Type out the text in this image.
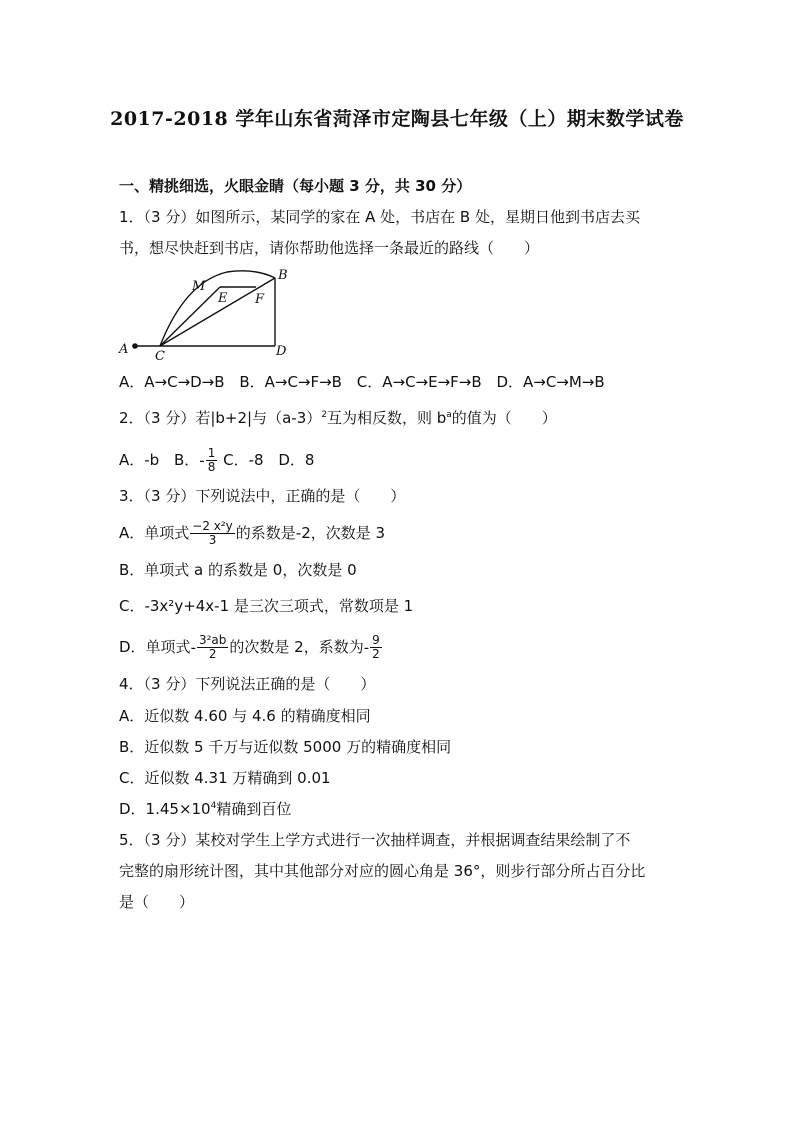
2017-2018 学年山东省菏泽市定陶县七年级（上）期末数学试卷
一、精挑细选，火眼金睛（每小题 3 分，共 30 分）
1．（3 分）如图所示，某同学的家在 A 处，书店在 B 处，星期日他到书店去买
书，想尽快赶到书店，请你帮助他选择一条最近的路线（　　）
A C	D
B
M
E F
A．A→C→D→B B．A→C→F→B C．A→C→E→F→B D．A→C→M→B
2．（3 分）若|b+2|与$(a-3)^2$互为相反数，则 $b^a$的值为（　　）
A．-b B．- $\frac{1}{8}$ C．-8 D．8
3．（3 分）下列说法中，正确的是（　　）
A．单项式 $\frac{\text{−2 x²y}}{3}$ 的系数是-2，次数是 3
B．单项式 a 的系数是 0，次数是 0
C．-3x²y+4x-1 是三次三项式，常数项是 1
D．单项式- $\frac{\text{3²ab}}{2}$ 的次数是 2，系数为- $\frac{9}{2}$
4．（3 分）下列说法正确的是（　　）
A．近似数 4.60 与 4.6 的精确度相同
B．近似数 5 千万与近似数 5000 万的精确度相同
C．近似数 4.31 万精确到 0.01
D．$1.45\times 10^4$精确到百位
5．（3 分）某校对学生上学方式进行一次抽样调查，并根据调查结果绘制了不
完整的扇形统计图，其中其他部分对应的圆心角是 36°，则步行部分所占百分比
是（　　）
